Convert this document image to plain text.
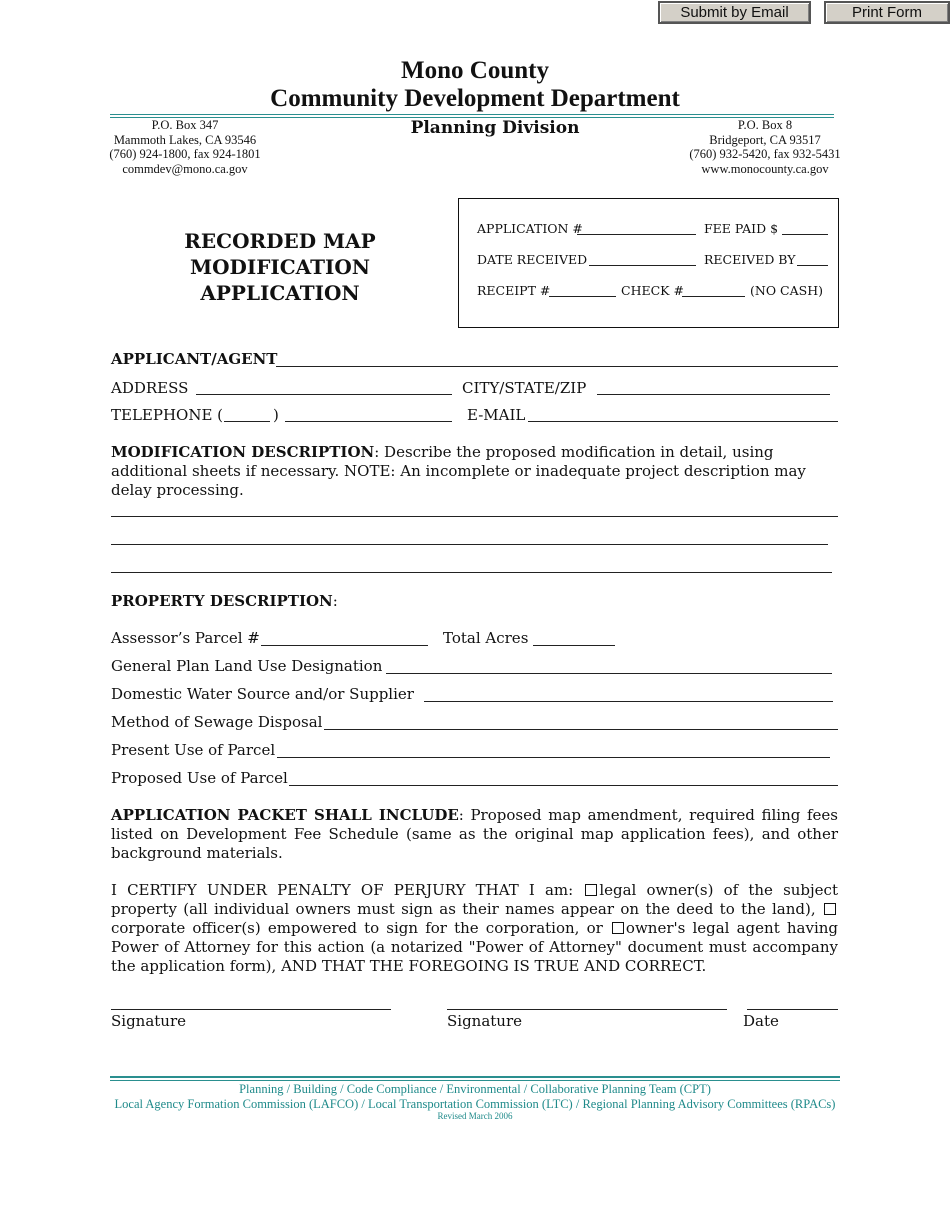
Submit by Email	Print Form
Mono County
Community Development Department
P.O. Box 347
Mammoth Lakes, CA 93546
(760) 924-1800, fax 924-1801
commdev@mono.ca.gov
Planning Division	P.O. Box 8
Bridgeport, CA 93517
(760) 932-5420, fax 932-5431
www.monocounty.ca.gov
RECORDED MAP
MODIFICATION APPLICATION
APPLICATION #	FEE PAID $
DATE RECEIVED	RECEIVED BY
RECEIPT #	CHECK #	(NO CASH)
APPLICANT/AGENT
ADDRESS	CITY/STATE/ZIP
TELEPHONE (	)	E-MAIL
MODIFICATION DESCRIPTION: Describe the proposed modification in detail, using additional sheets if necessary. NOTE: An incomplete or inadequate project description may delay processing.
PROPERTY DESCRIPTION:
Assessor’s Parcel #	Total Acres
General Plan Land Use Designation
Domestic Water Source and/or Supplier
Method of Sewage Disposal
Present Use of Parcel
Proposed Use of Parcel
APPLICATION PACKET SHALL INCLUDE: Proposed map amendment, required filing fees listed on Development Fee Schedule (same as the original map application fees), and other background materials.
I CERTIFY UNDER PENALTY OF PERJURY THAT I am: legal owner(s) of the subject property (all individual owners must sign as their names appear on the deed to the land), corporate officer(s) empowered to sign for the corporation, or owner's legal agent having Power of Attorney for this action (a notarized "Power of Attorney" document must accompany the application form), AND THAT THE FOREGOING IS TRUE AND CORRECT.
Signature	Signature	Date
Planning / Building / Code Compliance / Environmental / Collaborative Planning Team (CPT)
Local Agency Formation Commission (LAFCO) / Local Transportation Commission (LTC) / Regional Planning Advisory Committees (RPACs)
Revised March 2006
